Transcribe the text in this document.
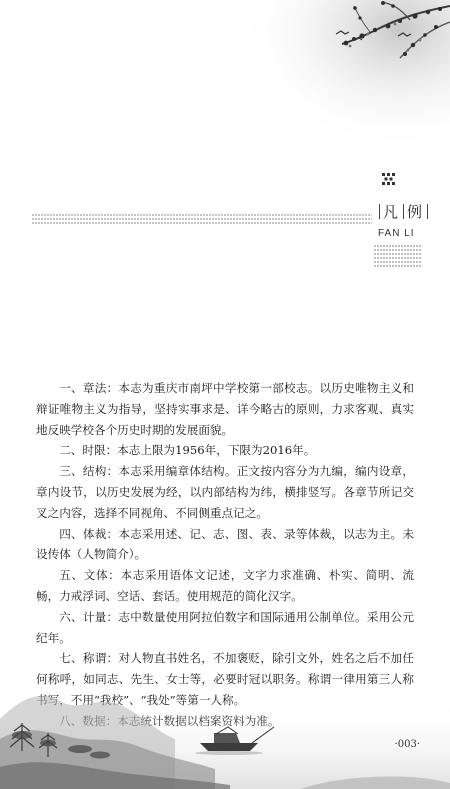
凡 例
FAN LI

一、章法：本志为重庆市南坪中学校第一部校志。以历史唯物主义和辩证唯物主义为指导，坚持实事求是、详今略古的原则，力求客观、真实地反映学校各个历史时期的发展面貌。

二、时限：本志上限为1956年，下限为2016年。

三、结构：本志采用编章体结构。正文按内容分为九编，编内设章，章内设节，以历史发展为经，以内部结构为纬，横排竖写。各章节所记交叉之内容，选择不同视角、不同侧重点记之。

四、体裁：本志采用述、记、志、图、表、录等体裁，以志为主。未设传体（人物简介）。

五、文体：本志采用语体文记述，文字力求准确、朴实、简明、流畅，力戒浮词、空话、套话。使用规范的简化汉字。

六、计量：志中数量使用阿拉伯数字和国际通用公制单位。采用公元纪年。

七、称谓：对人物直书姓名，不加褒贬，除引文外，姓名之后不加任何称呼，如同志、先生、女士等，必要时冠以职务。称谓一律用第三人称

·003·
